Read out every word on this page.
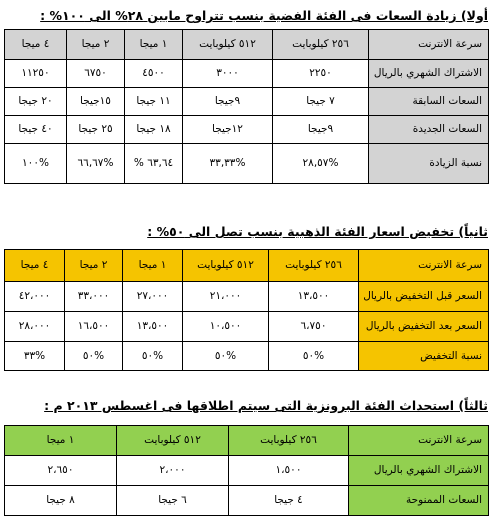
أولا) زيادة السعات فى الفئة الفضية بنسب تتراوح مابين ٢٨% الى ١٠٠% :
سرعة الانترنت	٢٥٦ كيلوبايت	٥١٢ كيلوبايت	١ ميجا	٢ ميجا	٤ ميجا
الاشتراك الشهري بالريال	٢٢٥٠	٣٠٠٠	٤٥٠٠	٦٧٥٠	١١٢٥٠
السعات السابقة	٧ جيجا	٩جيجا	١١ جيجا	١٥جيجا	٢٠ جيجا
السعات الجديدة	٩جيجا	١٢جيجا	١٨ جيجا	٢٥ جيجا	٤٠ جيجا
نسبة الزيادة	%٢٨,٥٧	%٣٣,٣٣	٦٣,٦٤ %	%٦٦,٦٧	%١٠٠
ثانياً) تخفيض اسعار الفئة الذهبية بنسب تصل الى ٥٠% :
سرعة الانترنت	٢٥٦ كيلوبايت	٥١٢ كيلوبايت	١ ميجا	٢ ميجا	٤ ميجا
السعر قبل التخفيض بالريال	١٣،٥٠٠	٢١،٠٠٠	٢٧،٠٠٠	٣٣،٠٠٠	٤٢،٠٠٠
السعر بعد التخفيض بالريال	٦،٧٥٠	١٠،٥٠٠	١٣،٥٠٠	١٦،٥٠٠	٢٨،٠٠٠
نسبة التخفيض	%٥٠	%٥٠	%٥٠	%٥٠	%٣٣
ثالثاً) استحداث الفئة البرونزية التى سيتم اطلاقها فى اغسطس ٢٠١٣ م :
سرعة الانترنت	٢٥٦ كيلوبايت	٥١٢ كيلوبايت	١ ميجا
الاشتراك الشهري بالريال	١،٥٠٠	٢،٠٠٠	٢،٦٥٠
السعات الممنوحة	٤ جيجا	٦ جيجا	٨ جيجا
